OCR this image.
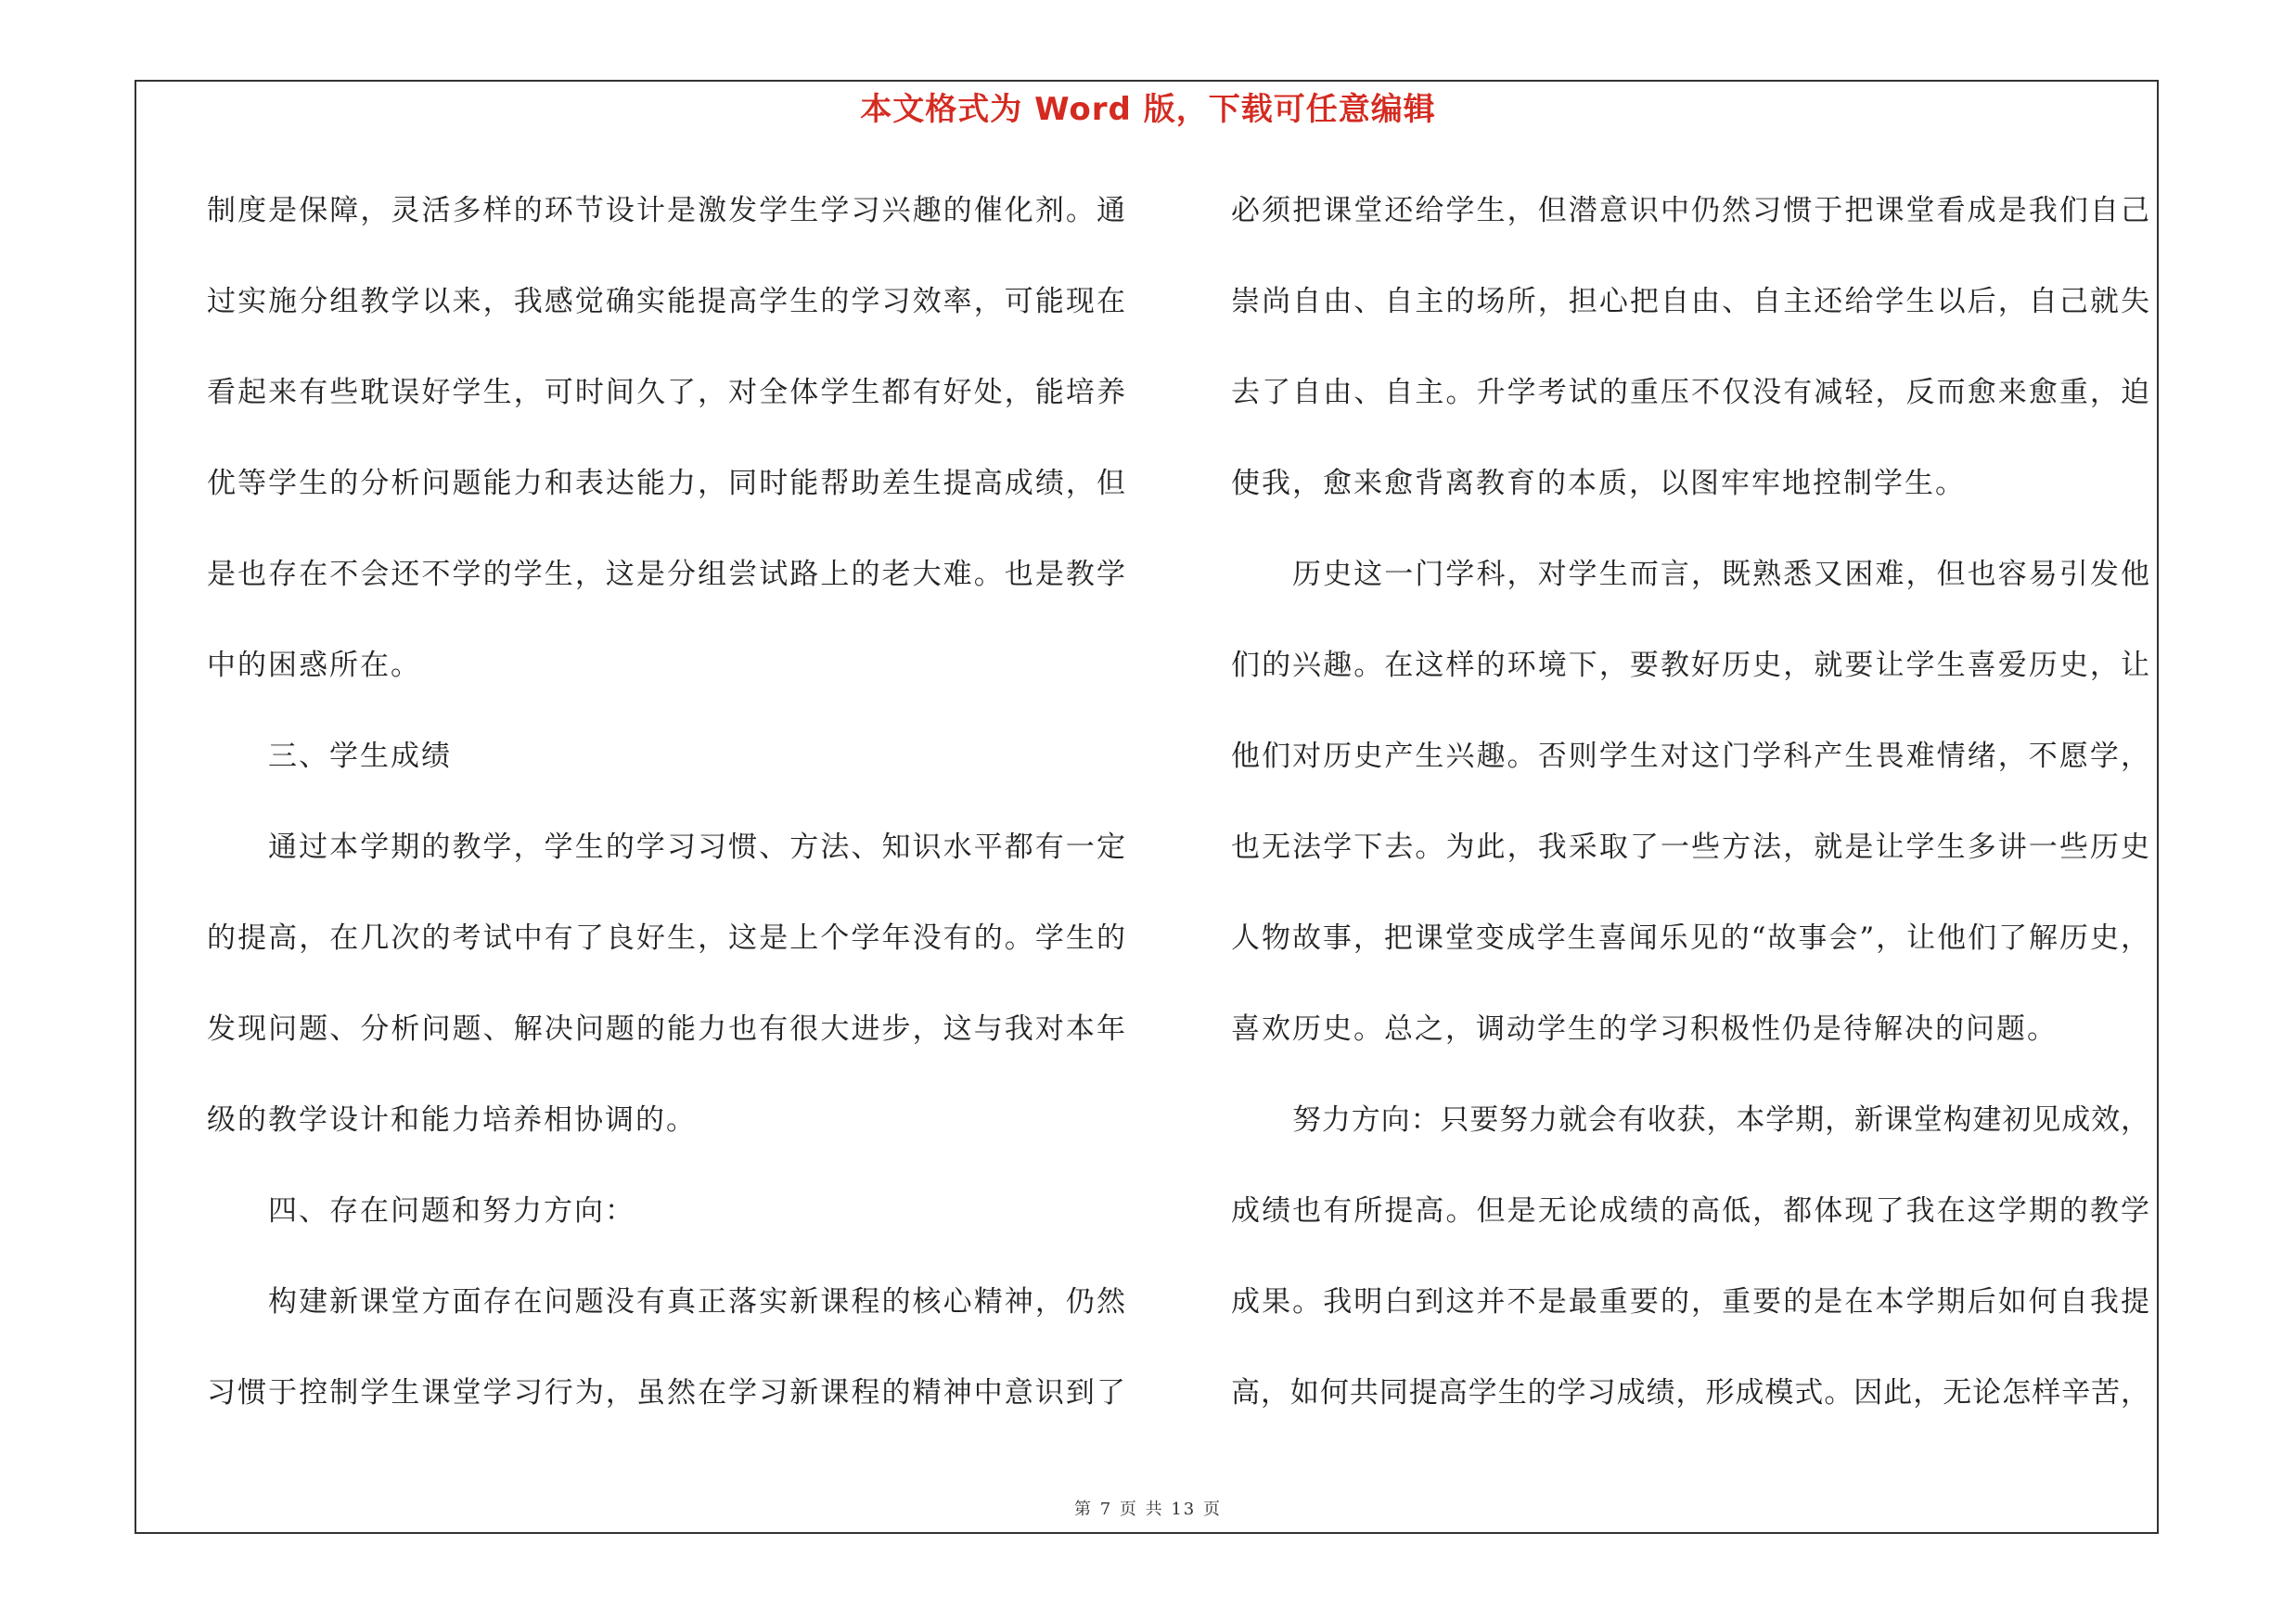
本文格式为 Word 版，下载可任意编辑
制度是保障，灵活多样的环节设计是激发学生学习兴趣的催化剂。通
过实施分组教学以来，我感觉确实能提高学生的学习效率，可能现在
看起来有些耽误好学生，可时间久了，对全体学生都有好处，能培养
优等学生的分析问题能力和表达能力，同时能帮助差生提高成绩，但
是也存在不会还不学的学生，这是分组尝试路上的老大难。也是教学
中的困惑所在。
三、学生成绩
通过本学期的教学，学生的学习习惯、方法、知识水平都有一定
的提高，在几次的考试中有了良好生，这是上个学年没有的。学生的
发现问题、分析问题、解决问题的能力也有很大进步，这与我对本年
级的教学设计和能力培养相协调的。
四、存在问题和努力方向：
构建新课堂方面存在问题没有真正落实新课程的核心精神，仍然
习惯于控制学生课堂学习行为，虽然在学习新课程的精神中意识到了
必须把课堂还给学生，但潜意识中仍然习惯于把课堂看成是我们自己
崇尚自由、自主的场所，担心把自由、自主还给学生以后，自己就失
去了自由、自主。升学考试的重压不仅没有减轻，反而愈来愈重，迫
使我，愈来愈背离教育的本质，以图牢牢地控制学生。
历史这一门学科，对学生而言，既熟悉又困难，但也容易引发他
们的兴趣。在这样的环境下，要教好历史，就要让学生喜爱历史，让
他们对历史产生兴趣。否则学生对这门学科产生畏难情绪，不愿学，
也无法学下去。为此，我采取了一些方法，就是让学生多讲一些历史
人物故事，把课堂变成学生喜闻乐见的“故事会”，让他们了解历史，
喜欢历史。总之，调动学生的学习积极性仍是待解决的问题。
努力方向：只要努力就会有收获，本学期，新课堂构建初见成效，
成绩也有所提高。但是无论成绩的高低，都体现了我在这学期的教学
成果。我明白到这并不是最重要的，重要的是在本学期后如何自我提
高，如何共同提高学生的学习成绩，形成模式。因此，无论怎样辛苦，
第 7 页 共 13 页
